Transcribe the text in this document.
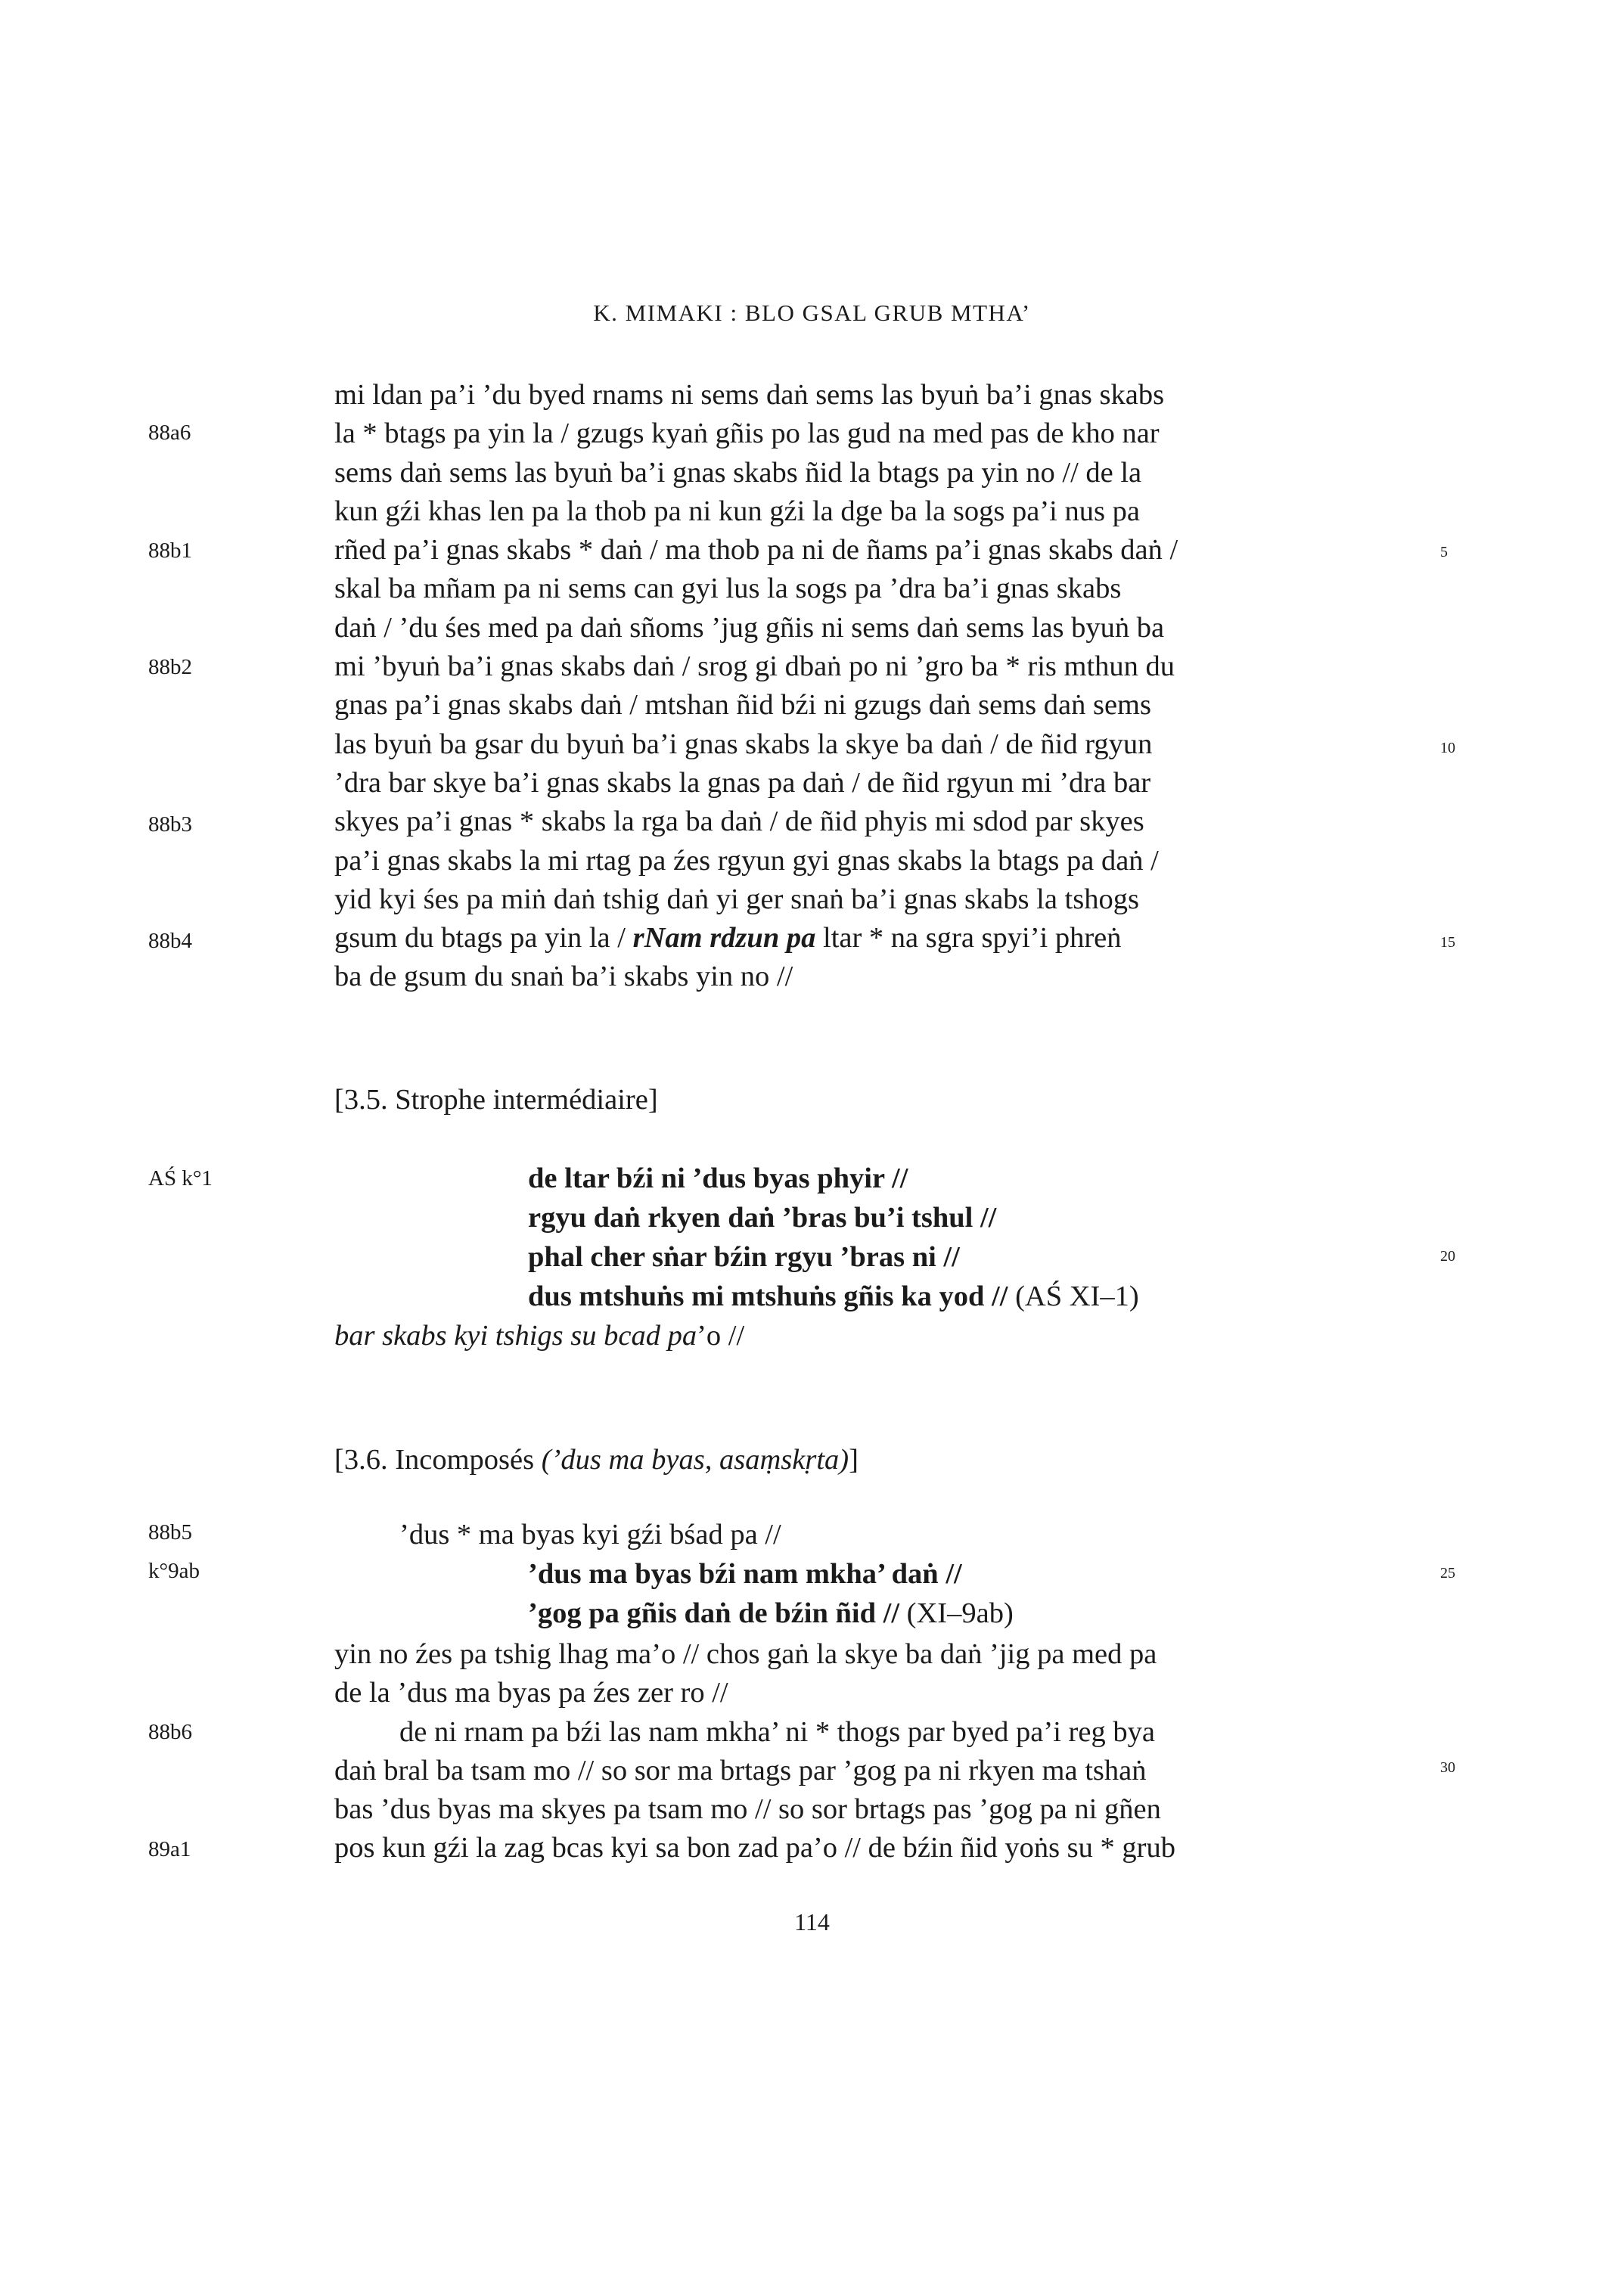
K. MIMAKI : BLO GSAL GRUB MTHA’
mi ldan pa’i ’du byed rnams ni sems daṅ sems las byuṅ ba’i gnas skabs
la * btags pa yin la / gzugs kyaṅ gñis po las gud na med pas de kho nar
sems daṅ sems las byuṅ ba’i gnas skabs ñid la btags pa yin no // de la
kun gźi khas len pa la thob pa ni kun gźi la dge ba la sogs pa’i nus pa
rñed pa’i gnas skabs * daṅ / ma thob pa ni de ñams pa’i gnas skabs daṅ /
skal ba mñam pa ni sems can gyi lus la sogs pa ’dra ba’i gnas skabs
daṅ / ’du śes med pa daṅ sñoms ’jug gñis ni sems daṅ sems las byuṅ ba
mi ’byuṅ ba’i gnas skabs daṅ / srog gi dbaṅ po ni ’gro ba * ris mthun du
gnas pa’i gnas skabs daṅ / mtshan ñid bźi ni gzugs daṅ sems daṅ sems
las byuṅ ba gsar du byuṅ ba’i gnas skabs la skye ba daṅ / de ñid rgyun
’dra bar skye ba’i gnas skabs la gnas pa daṅ / de ñid rgyun mi ’dra bar
skyes pa’i gnas * skabs la rga ba daṅ / de ñid phyis mi sdod par skyes
pa’i gnas skabs la mi rtag pa źes rgyun gyi gnas skabs la btags pa daṅ /
yid kyi śes pa miṅ daṅ tshig daṅ yi ger snaṅ ba’i gnas skabs la tshogs
gsum du btags pa yin la / rNam rdzun pa ltar * na sgra spyi’i phreṅ
ba de gsum du snaṅ ba’i skabs yin no //
[3.5. Strophe intermédiaire]
de ltar bźi ni ’dus byas phyir //
rgyu daṅ rkyen daṅ ’bras bu’i tshul //
phal cher sṅar bźin rgyu ’bras ni //
dus mtshuṅs mi mtshuṅs gñis ka yod // (AŚ XI–1)
bar skabs kyi tshigs su bcad pa’o //
[3.6. Incomposés (’dus ma byas, asaṃskṛta)]
’dus * ma byas kyi gźi bśad pa //
’dus ma byas bźi nam mkha’ daṅ //
’gog pa gñis daṅ de bźin ñid // (XI–9ab)
yin no źes pa tshig lhag ma’o // chos gaṅ la skye ba daṅ ’jig pa med pa
de la ’dus ma byas pa źes zer ro //
de ni rnam pa bźi las nam mkha’ ni * thogs par byed pa’i reg bya
daṅ bral ba tsam mo // so sor ma brtags par ’gog pa ni rkyen ma tshaṅ
bas ’dus byas ma skyes pa tsam mo // so sor brtags pas ’gog pa ni gñen
pos kun gźi la zag bcas kyi sa bon zad pa’o // de bźin ñid yoṅs su * grub
88a6
88b1
88b2
88b3
88b4
AŚ k°1
88b5
k°9ab
88b6
89a1
5
10
15
20
25
30
114
